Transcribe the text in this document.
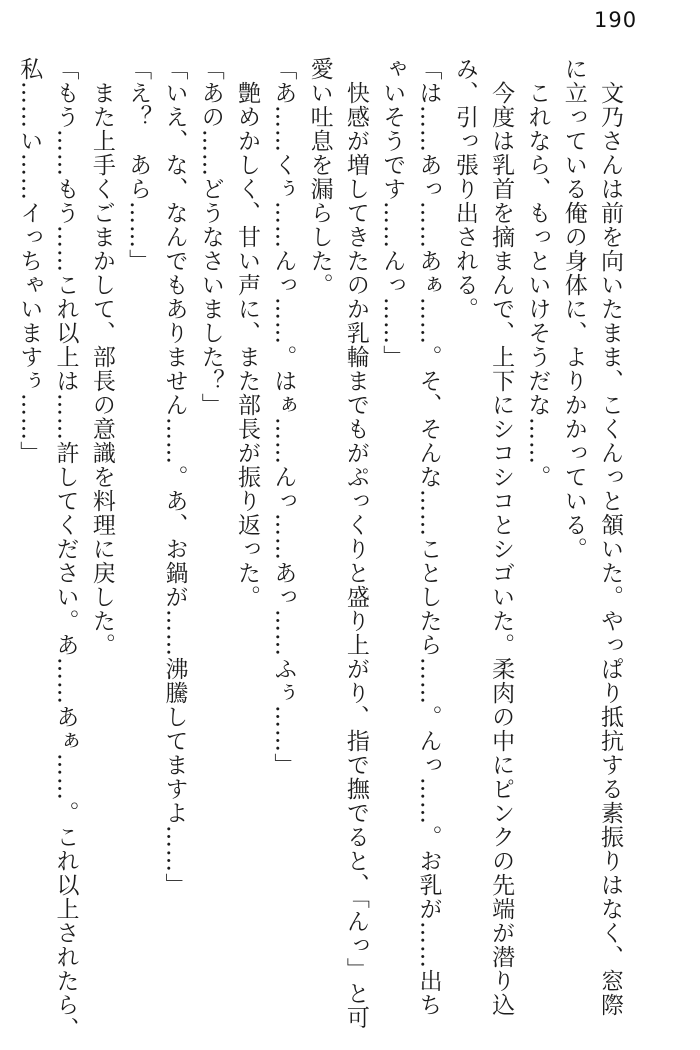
190
　文乃さんは前を向いたまま、こくんっと頷いた。やっぱり抵抗する素振りはなく、窓際
に立っている俺の身体に、よりかかっている。
　これなら、もっといけそうだな……。
　今度は乳首を摘まんで、上下にシコシコとシゴいた。柔肉の中にピンクの先端が潜り込
み、引っ張り出される。
「は……あっ……あぁ……。そ、そんな……ことしたら……。んっ……。お乳が……出ち
ゃいそうです……んっ……」
　快感が増してきたのか乳輪までもがぷっくりと盛り上がり、指で撫でると、「んっ」と可
愛い吐息を漏らした。
「あ……くぅ……んっ……。はぁ……んっ……あっ……ふぅ……」
　艶めかしく、甘い声に、また部長が振り返った。
「あの……どうなさいました？」
「いえ、な、なんでもありません……。あ、お鍋が……沸騰してますよ……」
「え？　あら……」
　また上手くごまかして、部長の意識を料理に戻した。
「もう……もう……これ以上は……許してください。あ……あぁ……。これ以上されたら、
私……い……イっちゃいますぅ……」
